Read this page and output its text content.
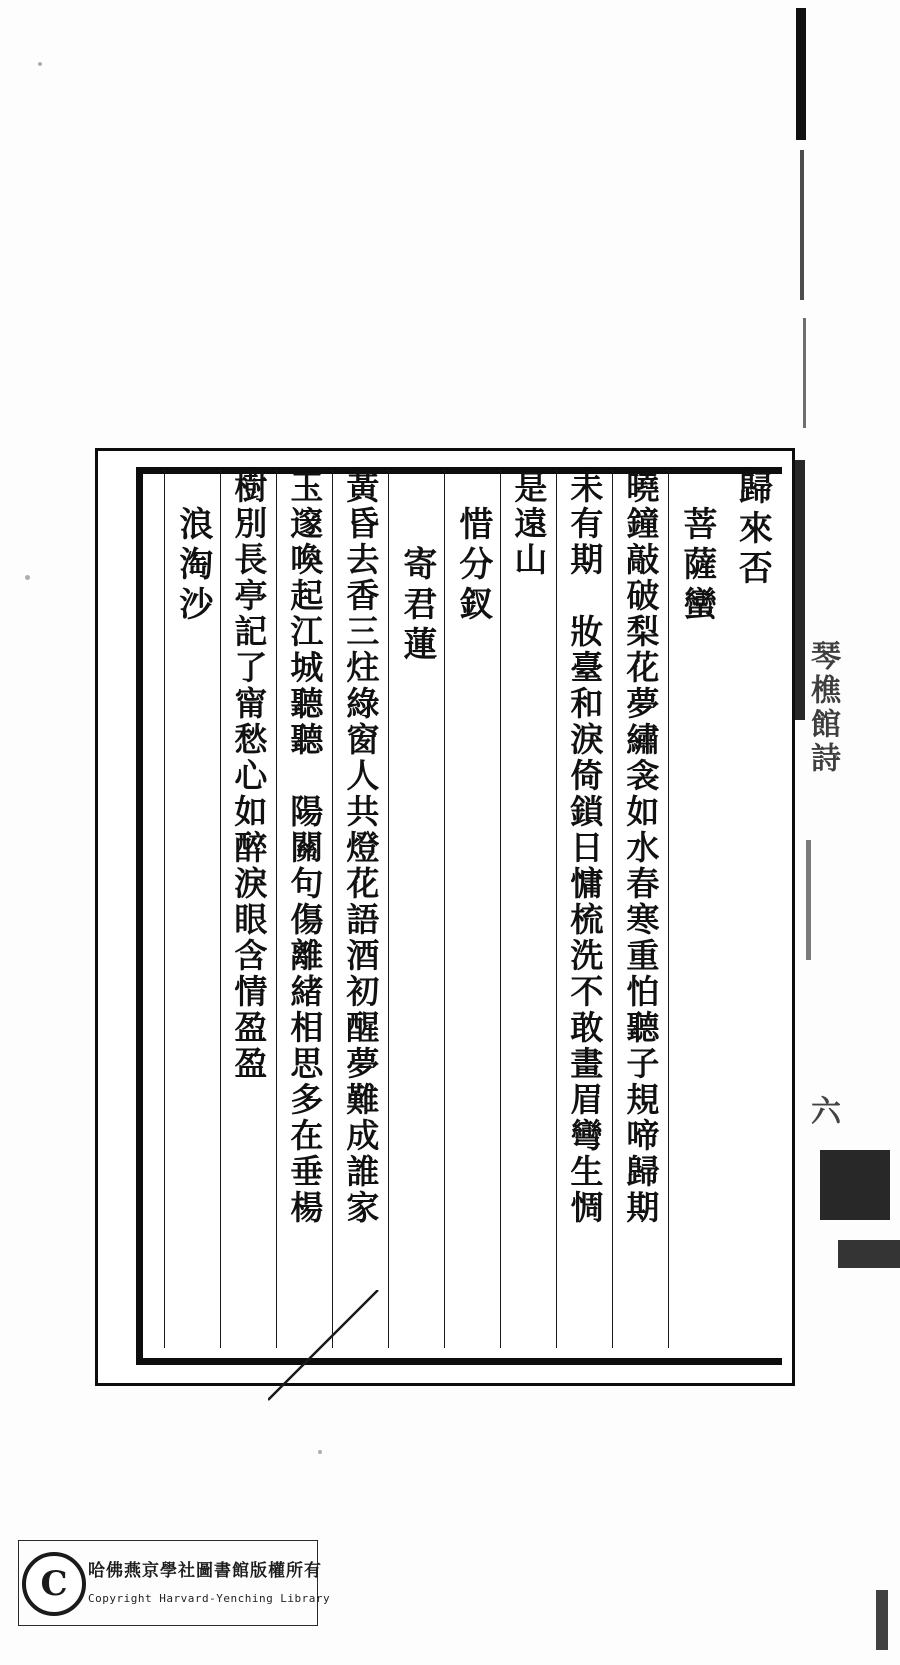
歸來否
菩薩蠻
曉鐘敲破梨花夢繡衾如水春寒重怕聽子規啼歸期
未有期　妝臺和淚倚鎖日慵梳洗不敢畫眉彎生惆
是遠山
惜分釵
寄君蓮
黃昏去香三炷綠窗人共燈花語酒初醒夢難成誰家
玉邃喚起江城聽聽　陽關句傷離緒相思多在垂楊
樹別長亭記了甯愁心如醉淚眼含情盈盈
浪淘沙
琴樵館詩
六
C	哈佛燕京學社圖書館版權所有
Copyright Harvard-Yenching Library
